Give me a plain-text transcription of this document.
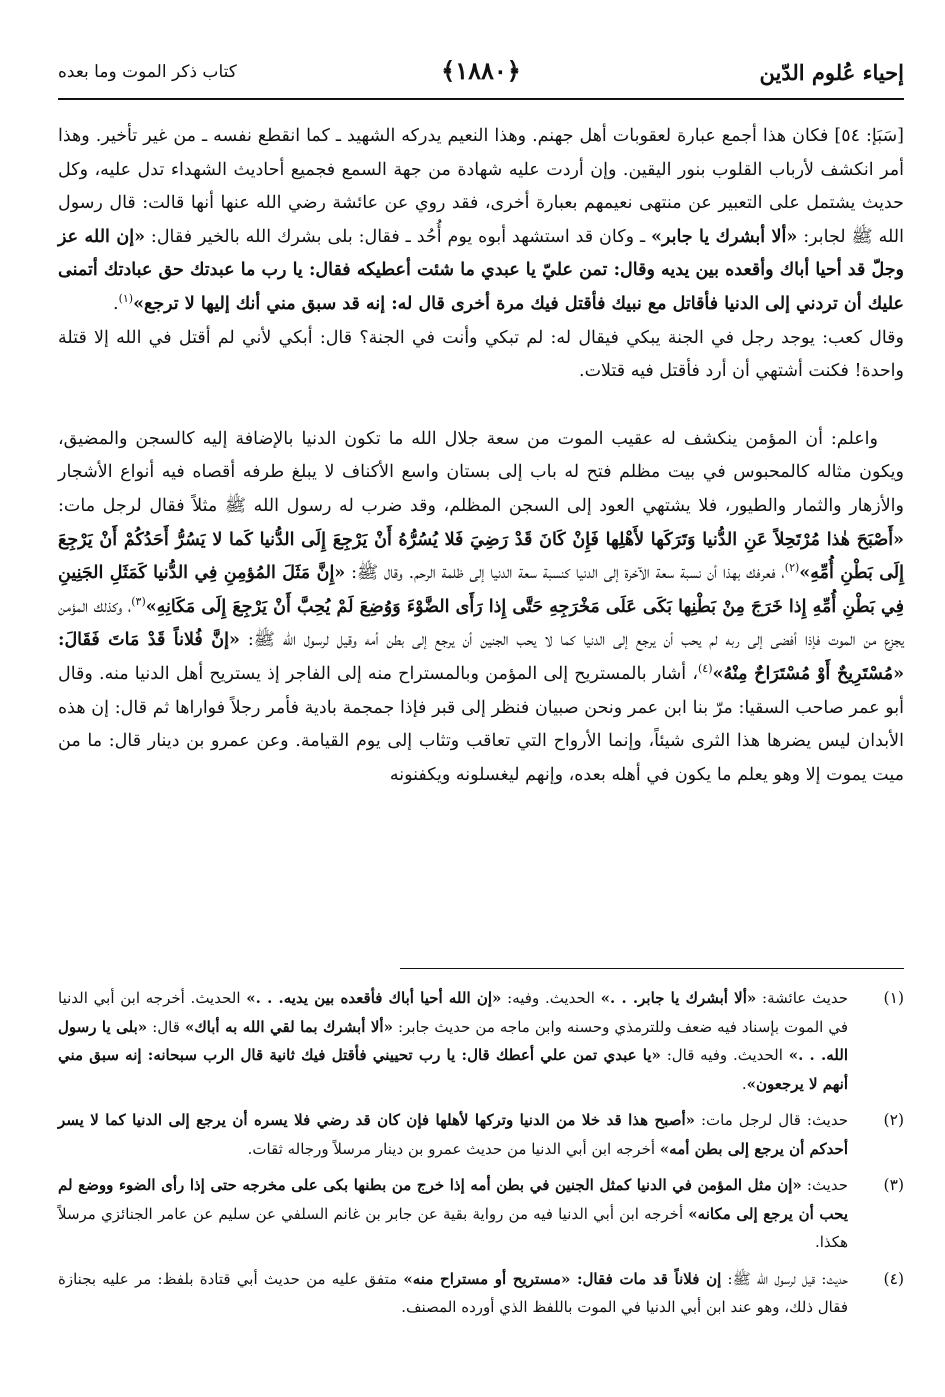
إحياء عُلوم الدّين
﴿١٨٨٠﴾
كتاب ذكر الموت وما بعده

[سَبَإ: ٥٤] فكان هذا أجمع عبارة لعقوبات أهل جهنم. وهذا النعيم يدركه الشهيد ـ كما انقطع نفسه ـ من غير تأخير. وهذا أمر انكشف لأرباب القلوب بنور اليقين. وإن أردت عليه شهادة من جهة السمع فجميع أحاديث الشهداء تدل عليه، وكل حديث يشتمل على التعبير عن منتهى نعيمهم بعبارة أخرى، فقد روي عن عائشة رضي الله عنها أنها قالت: قال رسول الله ﷺ لجابر: «ألا أبشرك يا جابر» ـ وكان قد استشهد أبوه يوم أُحُد ـ فقال: بلى بشرك الله بالخير فقال: «إن الله عز وجلّ قد أحيا أباك وأقعده بين يديه وقال: تمن عليّ يا عبدي ما شئت أعطيكه فقال: يا رب ما عبدتك حق عبادتك أتمنى عليك أن تردني إلى الدنيا فأقاتل مع نبيك فأقتل فيك مرة أخرى قال له: إنه قد سبق مني أنك إليها لا ترجع»$^{(١)}$.

وقال كعب: يوجد رجل في الجنة يبكي فيقال له: لم تبكي وأنت في الجنة؟ قال: أبكي لأني لم أقتل في الله إلا قتلة واحدة! فكنت أشتهي أن أرد فأقتل فيه قتلات.

واعلم: أن المؤمن ينكشف له عقيب الموت من سعة جلال الله ما تكون الدنيا بالإضافة إليه كالسجن والمضيق، ويكون مثاله كالمحبوس في بيت مظلم فتح له باب إلى بستان واسع الأكناف لا يبلغ طرفه أقصاه فيه أنواع الأشجار والأزهار والثمار والطيور، فلا يشتهي العود إلى السجن المظلم، وقد ضرب له رسول الله ﷺ مثلاً فقال لرجل مات: «أَصْبَحَ هٰذا مُرْتَحِلاً عَنِ الدُّنيا وَتَرَكَها لأَهْلِها فَإِنْ كَانَ قَدْ رَضِيَ فَلا يُسُرُّهُ أَنْ يَرْجِعَ إِلَى الدُّنيا كَما لا يَسُرُّ أَحَدُكُمْ أَنْ يَرْجِعَ إِلَى بَطْنِ أُمِّهِ»$^{(٢)}$، فعرفك بهذا أن نسبة سعة الآخرة إلى الدنيا كنسبة سعة الدنيا إلى ظلمة الرحم. وقال ﷺ: «إِنَّ مَثَلَ المُؤمِنِ فِي الدُّنيا كَمَثَلِ الجَنِينِ فِي بَطْنِ أُمِّهِ إِذا خَرَجَ مِنْ بَطْنِها بَكَى عَلَى مَخْرَجِهِ حَتَّى إِذا رَأَى الضَّوْءَ وَوُضِعَ لَمْ يُحِبَّ أَنْ يَرْجِعَ إِلَى مَكَانِهِ»$^{(٣)}$، وكذلك المؤمن يجزع من الموت فإذا أفضى إلى ربه لم يحب أن يرجع إلى الدنيا كما لا يحب الجنين أن يرجع إلى بطن أمه وقيل لرسول الله ﷺ: «إنَّ فُلاناً قَدْ مَاتَ فَقَالَ: «مُسْتَرِيحٌ أَوْ مُسْتَرَاحٌ مِنْهُ»$^{(٤)}$، أشار بالمستريح إلى المؤمن وبالمستراح منه إلى الفاجر إذ يستريح أهل الدنيا منه. وقال أبو عمر صاحب السقيا: مرّ بنا ابن عمر ونحن صبيان فنظر إلى قبر فإذا جمجمة بادية فأمر رجلاً فواراها ثم قال: إن هذه الأبدان ليس يضرها هذا الثرى شيئاً، وإنما الأرواح التي تعاقب وتثاب إلى يوم القيامة. وعن عمرو بن دينار قال: ما من ميت يموت إلا وهو يعلم ما يكون في أهله بعده، وإنهم ليغسلونه ويكفنونه

(١)
حديث عائشة: «ألا أبشرك يا جابر. . .» الحديث. وفيه: «إن الله أحيا أباك فأقعده بين يديه. . .» الحديث. أخرجه ابن أبي الدنيا في الموت بإسناد فيه ضعف وللترمذي وحسنه وابن ماجه من حديث جابر: «ألا أبشرك بما لقي الله به أباك» قال: «بلى يا رسول الله. . .» الحديث. وفيه قال: «يا عبدي تمن علي أعطك قال: يا رب تحييني فأقتل فيك ثانية قال الرب سبحانه: إنه سبق مني أنهم لا يرجعون».
(٢)
حديث: قال لرجل مات: «أصبح هذا قد خلا من الدنيا وتركها لأهلها فإن كان قد رضي فلا يسره أن يرجع إلى الدنيا كما لا يسر أحدكم أن يرجع إلى بطن أمه» أخرجه ابن أبي الدنيا من حديث عمرو بن دينار مرسلاً ورجاله ثقات.
(٣)
حديث: «إن مثل المؤمن في الدنيا كمثل الجنين في بطن أمه إذا خرج من بطنها بكى على مخرجه حتى إذا رأى الضوء ووضع لم يحب أن يرجع إلى مكانه» أخرجه ابن أبي الدنيا فيه من رواية بقية عن جابر بن غانم السلفي عن سليم عن عامر الجنائزي مرسلاً هكذا.
(٤)
حديث: قيل لرسول الله ﷺ: إن فلاناً قد مات فقال: «مستريح أو مستراح منه» متفق عليه من حديث أبي قتادة بلفظ: مر عليه بجنازة فقال ذلك، وهو عند ابن أبي الدنيا في الموت باللفظ الذي أورده المصنف.
